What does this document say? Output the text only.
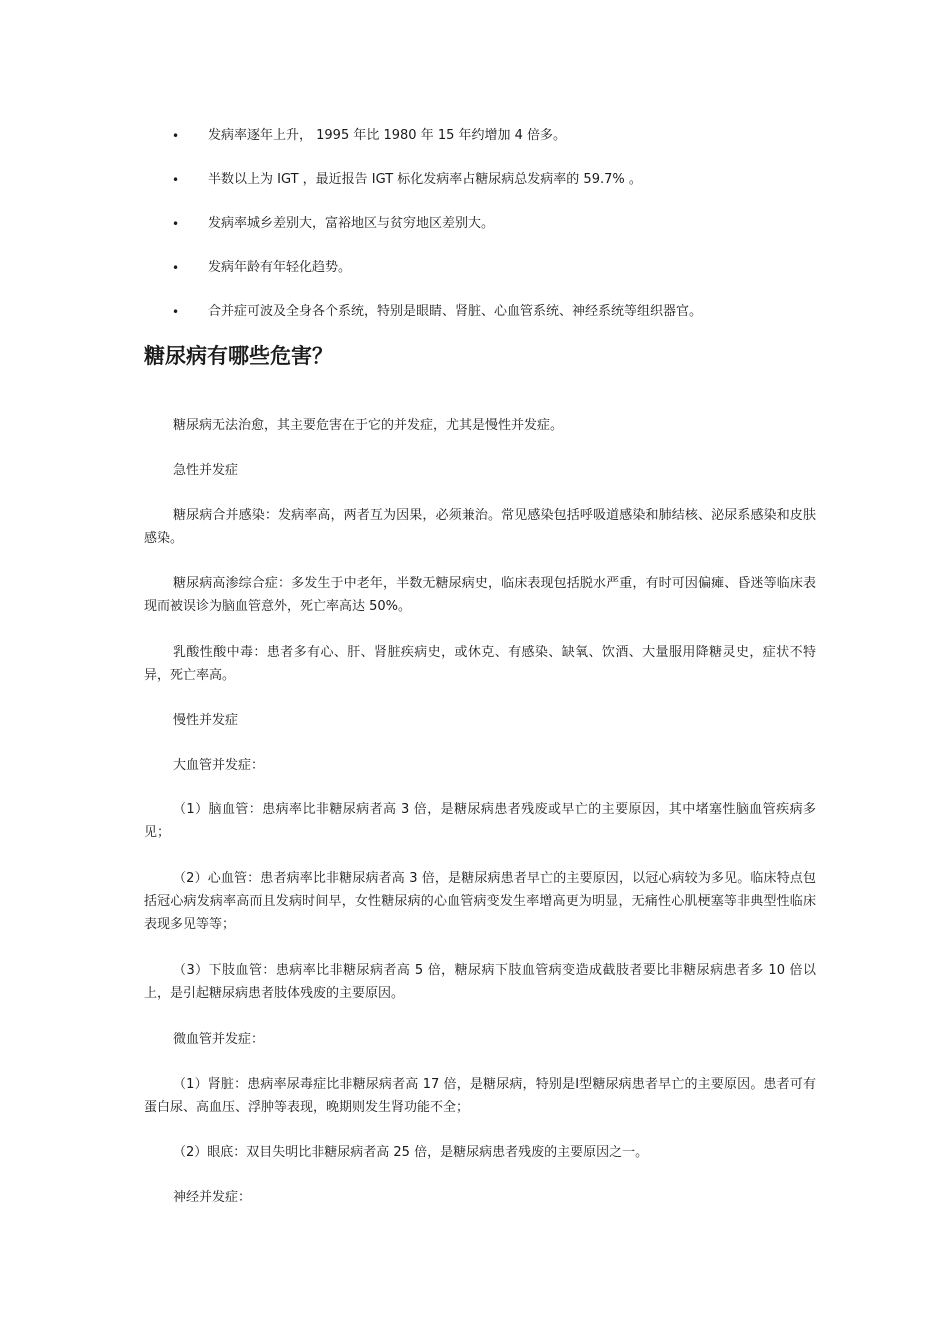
• 发病率逐年上升， 1995 年比 1980 年 15 年约增加 4 倍多。
• 半数以上为 IGT ，最近报告 IGT 标化发病率占糖尿病总发病率的 59.7% 。
• 发病率城乡差别大，富裕地区与贫穷地区差别大。
• 发病年龄有年轻化趋势。
• 合并症可波及全身各个系统，特别是眼睛、肾脏、心血管系统、神经系统等组织器官。
糖尿病有哪些危害？

糖尿病无法治愈，其主要危害在于它的并发症，尤其是慢性并发症。

急性并发症

糖尿病合并感染：发病率高，两者互为因果，必须兼治。常见感染包括呼吸道感染和肺结核、泌尿系感染和皮肤感染。

糖尿病高渗综合症：多发生于中老年，半数无糖尿病史，临床表现包括脱水严重，有时可因偏瘫、昏迷等临床表现而被误诊为脑血管意外，死亡率高达 50%。

乳酸性酸中毒：患者多有心、肝、肾脏疾病史，或休克、有感染、缺氧、饮酒、大量服用降糖灵史，症状不特异，死亡率高。

慢性并发症

大血管并发症：

（1）脑血管：患病率比非糖尿病者高 3 倍，是糖尿病患者残废或早亡的主要原因，其中堵塞性脑血管疾病多见；

（2）心血管：患者病率比非糖尿病者高 3 倍，是糖尿病患者早亡的主要原因，以冠心病较为多见。临床特点包括冠心病发病率高而且发病时间早，女性糖尿病的心血管病变发生率增高更为明显，无痛性心肌梗塞等非典型性临床表现多见等等；

（3）下肢血管：患病率比非糖尿病者高 5 倍，糖尿病下肢血管病变造成截肢者要比非糖尿病患者多 10 倍以上，是引起糖尿病患者肢体残废的主要原因。

微血管并发症：

（1）肾脏：患病率尿毒症比非糖尿病者高 17 倍，是糖尿病，特别是Ⅰ型糖尿病患者早亡的主要原因。患者可有蛋白尿、高血压、浮肿等表现，晚期则发生肾功能不全；

（2）眼底：双目失明比非糖尿病者高 25 倍，是糖尿病患者残废的主要原因之一。

神经并发症：
